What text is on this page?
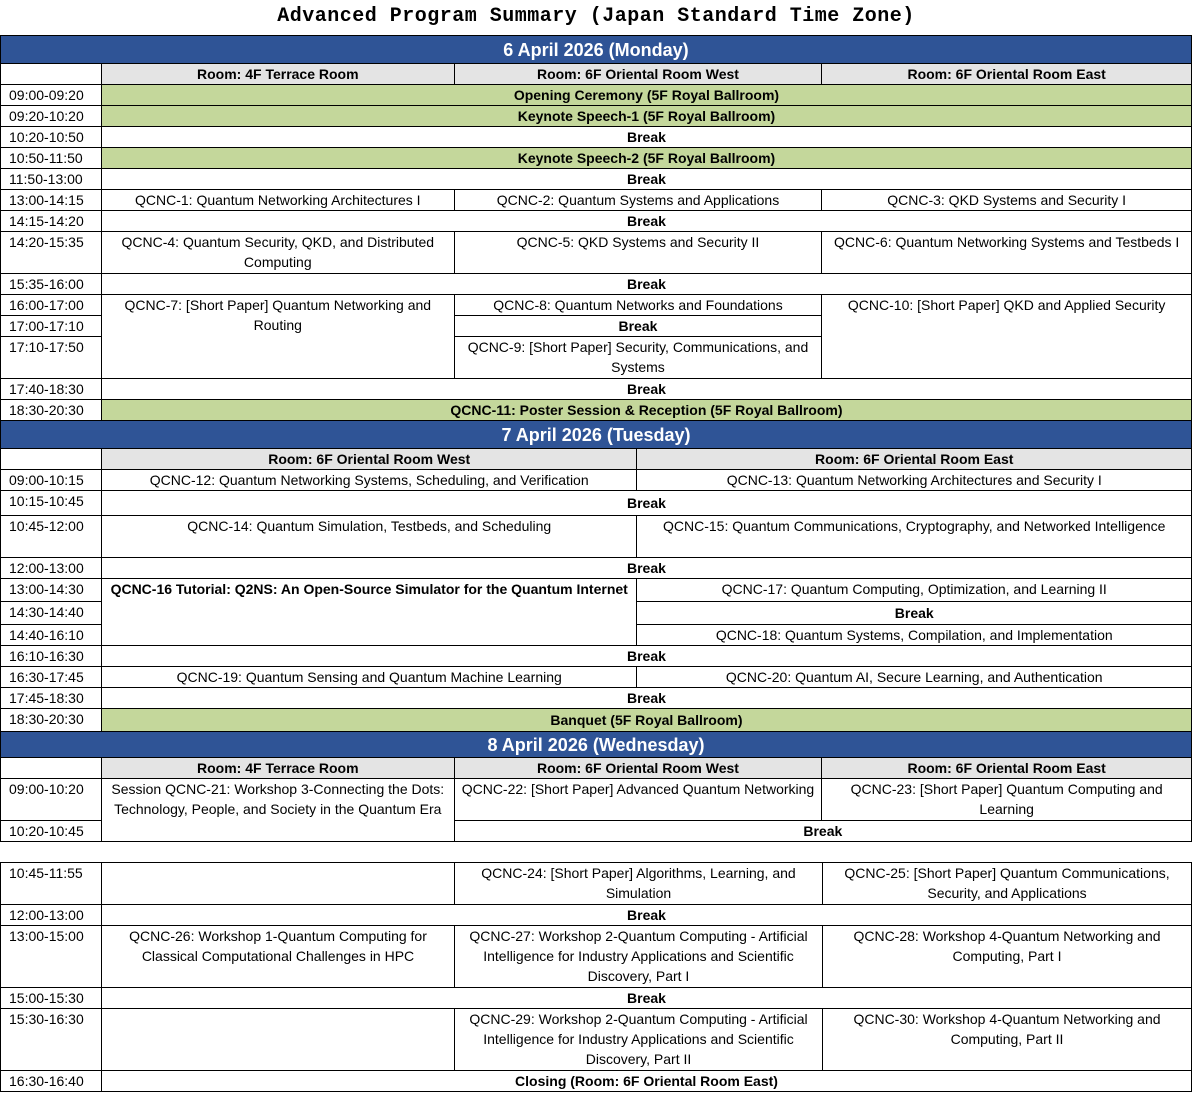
Advanced Program Summary (Japan Standard Time Zone)
6 April 2026 (Monday)				
	Room: 4F Terrace Room	Room: 6F Oriental Room West		Room: 6F Oriental Room East
09:00-09:20	Opening Ceremony (5F Royal Ballroom)			
09:20-10:20	Keynote Speech-1 (5F Royal Ballroom)			
10:20-10:50	Break			
10:50-11:50	Keynote Speech-2 (5F Royal Ballroom)			
11:50-13:00	Break			
13:00-14:15	QCNC-1: Quantum Networking Architectures I	QCNC-2: Quantum Systems and Applications		QCNC-3: QKD Systems and Security I
14:15-14:20	Break			
14:20-15:35	QCNC-4: Quantum Security, QKD, and Distributed Computing	QCNC-5: QKD Systems and Security II		QCNC-6: Quantum Networking Systems and Testbeds I
15:35-16:00	Break			
16:00-17:00	QCNC-7: [Short Paper] Quantum Networking and Routing	QCNC-8: Quantum Networks and Foundations		QCNC-10: [Short Paper] QKD and Applied Security
17:00-17:10		Break		
17:10-17:50		QCNC-9: [Short Paper] Security, Communications, and Systems		
17:40-18:30	Break			
18:30-20:30	QCNC-11: Poster Session & Reception (5F Royal Ballroom)			
7 April 2026 (Tuesday)				
	Room: 6F Oriental Room West		Room: 6F Oriental Room East	
09:00-10:15	QCNC-12: Quantum Networking Systems, Scheduling, and Verification		QCNC-13: Quantum Networking Architectures and Security I	
10:15-10:45	Break			
10:45-12:00	QCNC-14: Quantum Simulation, Testbeds, and Scheduling		QCNC-15: Quantum Communications, Cryptography, and Networked Intelligence	
12:00-13:00	Break			
13:00-14:30	QCNC-16 Tutorial: Q2NS: An Open-Source Simulator for the Quantum Internet		QCNC-17: Quantum Computing, Optimization, and Learning II	
14:30-14:40			Break	
14:40-16:10			QCNC-18: Quantum Systems, Compilation, and Implementation	
16:10-16:30	Break			
16:30-17:45	QCNC-19: Quantum Sensing and Quantum Machine Learning		QCNC-20: Quantum AI, Secure Learning, and Authentication	
17:45-18:30	Break			
18:30-20:30	Banquet (5F Royal Ballroom)			
8 April 2026 (Wednesday)				
	Room: 4F Terrace Room	Room: 6F Oriental Room West		Room: 6F Oriental Room East
09:00-10:20	Session QCNC-21: Workshop 3-Connecting the Dots: Technology, People, and Society in the Quantum Era	QCNC-22: [Short Paper] Advanced Quantum Networking		QCNC-23: [Short Paper] Quantum Computing and Learning
10:20-10:45		Break		
10:45-11:55		QCNC-24: [Short Paper] Algorithms, Learning, and Simulation	QCNC-25: [Short Paper] Quantum Communications, Security, and Applications
12:00-13:00	Break		
13:00-15:00	QCNC-26: Workshop 1-Quantum Computing for Classical Computational Challenges in HPC	QCNC-27: Workshop 2-Quantum Computing - Artificial Intelligence for Industry Applications and Scientific Discovery, Part I	QCNC-28: Workshop 4-Quantum Networking and Computing, Part I
15:00-15:30	Break		
15:30-16:30		QCNC-29: Workshop 2-Quantum Computing - Artificial Intelligence for Industry Applications and Scientific Discovery, Part II	QCNC-30: Workshop 4-Quantum Networking and Computing, Part II
16:30-16:40	Closing (Room: 6F Oriental Room East)		
